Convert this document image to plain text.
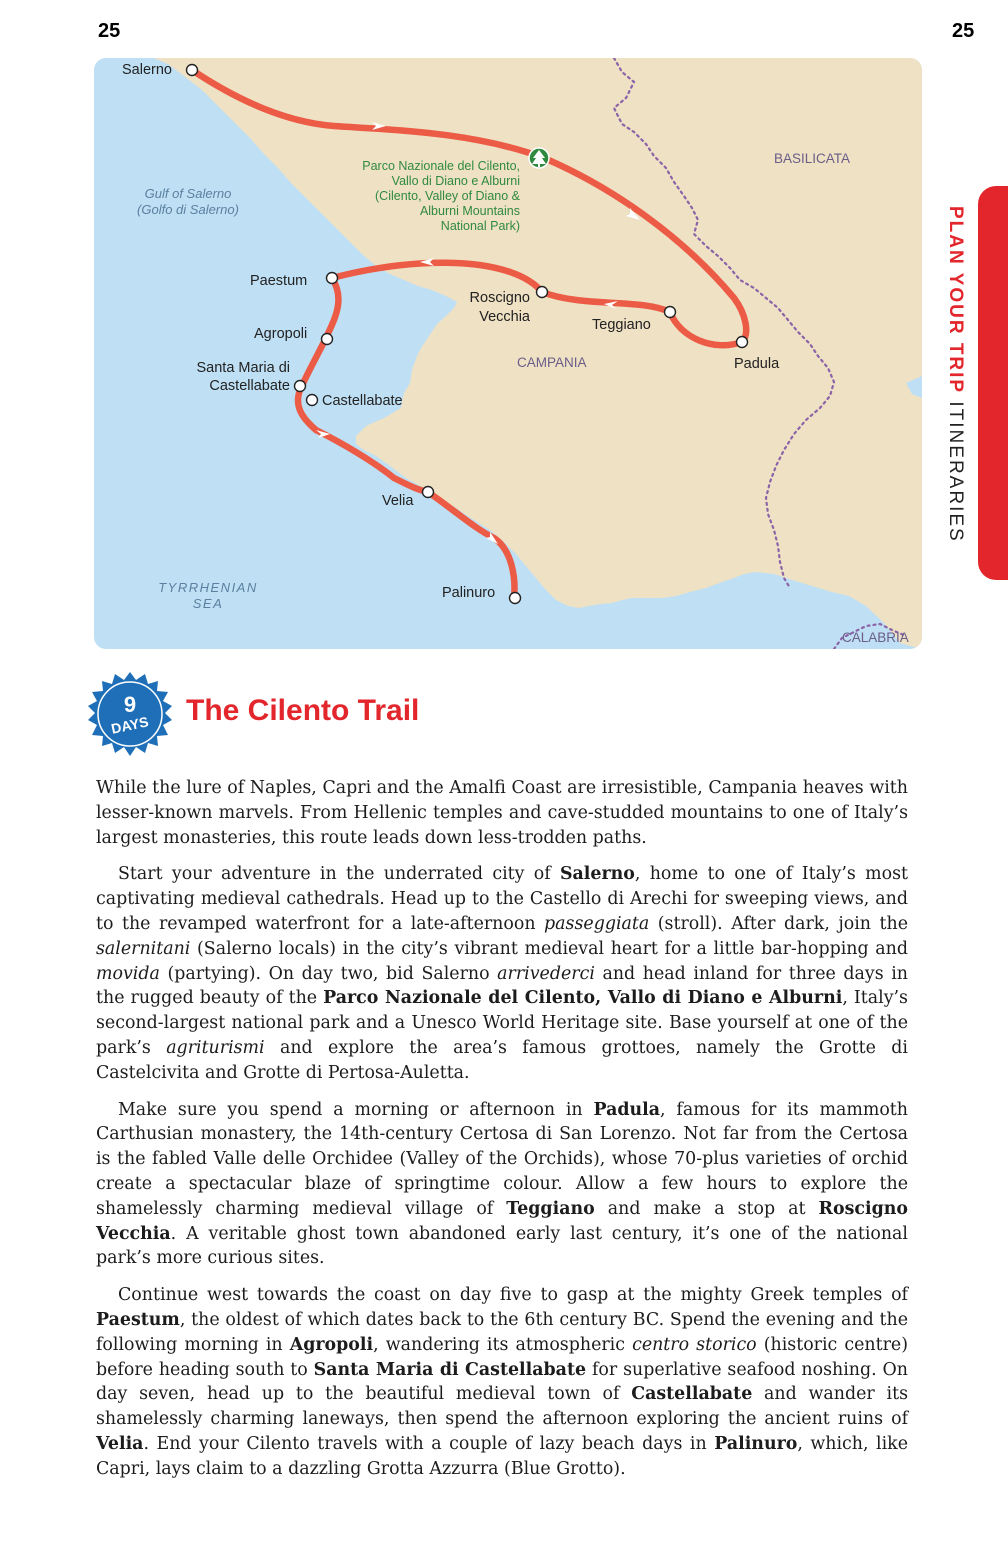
25	25
PLAN YOUR TRIP ITINERARIES
Salerno
Paestum
Agropoli
Santa Maria di
Castellabate
Castellabate
Velia
Palinuro
Roscigno
Vecchia	Teggiano
Padula
BASILICATA
CAMPANIA
CALABRIA
Gulf of Salerno
(Golfo di Salerno)
TYRRHENIAN
SEA
Parco Nazionale del Cilento,
Vallo di Diano e Alburni
(Cilento, Valley of Diano &
Alburni Mountains
National Park)
9
DAYS The Cilento Trail

While the lure of Naples, Capri and the Amalfi Coast are irresistible, Campania heaves with lesser-known marvels. From Hellenic temples and cave-studded mountains to one of Italy’s largest monasteries, this route leads down less-trodden paths.

Start your adventure in the underrated city of Salerno, home to one of Italy’s most captivating medieval cathedrals. Head up to the Castello di Arechi for sweeping views, and to the revamped waterfront for a late-afternoon passeggiata (stroll). After dark, join the salernitani (Salerno locals) in the city’s vibrant medieval heart for a little bar-hopping and movida (partying). On day two, bid Salerno arrivederci and head inland for three days in the rugged beauty of the Parco Nazionale del Cilento, Vallo di Diano e Alburni, Italy’s second-largest national park and a Unesco World Heritage site. Base yourself at one of the park’s agriturismi and explore the area’s famous grottoes, namely the Grotte di Castelcivita and Grotte di Pertosa-Auletta.

Make sure you spend a morning or afternoon in Padula, famous for its mammoth Carthusian monastery, the 14th-century Certosa di San Lorenzo. Not far from the Certosa is the fabled Valle delle Orchidee (Valley of the Orchids), whose 70-plus varieties of orchid create a spectacular blaze of springtime colour. Allow a few hours to explore the shamelessly charming medieval village of Teggiano and make a stop at Roscigno Vecchia. A veritable ghost town abandoned early last century, it’s one of the national park’s more curious sites.

Continue west towards the coast on day five to gasp at the mighty Greek temples of Paestum, the oldest of which dates back to the 6th century BC. Spend the evening and the following morning in Agropoli, wandering its atmospheric centro storico (historic centre) before heading south to Santa Maria di Castellabate for superlative seafood noshing. On day seven, head up to the beautiful medieval town of Castellabate and wander its shamelessly charming laneways, then spend the afternoon exploring the ancient ruins of Velia. End your Cilento travels with a couple of lazy beach days in Palinuro, which, like Capri, lays claim to a dazzling Grotta Azzurra (Blue Grotto).
